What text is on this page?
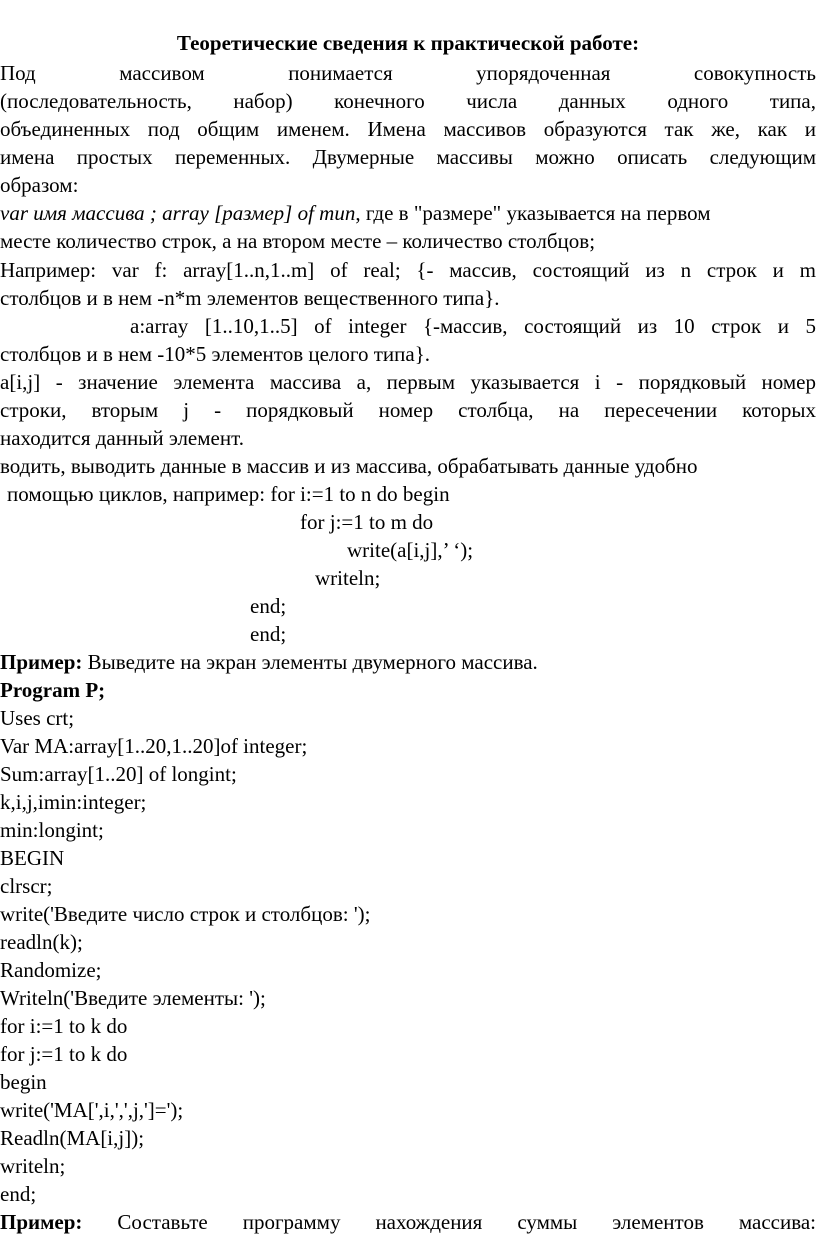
Теоретические сведения к практической работе:
Под массивом понимается упорядоченная совокупность
(последовательность, набор) конечного числа данных одного типа,
объединенных под общим именем. Имена массивов образуются так же, как и
имена простых переменных. Двумерные массивы можно описать следующим
образом:
var имя массива ; array [размер] of тип, где в "размере" указывается на первом
месте количество строк, а на втором месте – количество столбцов;
Например: var f: array[1..n,1..m] of real; {- массив, состоящий из n строк и m
столбцов и в нем -n*m элементов вещественного типа}.
a:array [1..10,1..5] of integer {-массив, состоящий из 10 строк и 5
столбцов и в нем -10*5 элементов целого типа}.
a[i,j] - значение элемента массива а, первым указывается i - порядковый номер
строки, вторым j - порядковый номер столбца, на пересечении которых
находится данный элемент.
водить, выводить данные в массив и из массива, обрабатывать данные удобно
помощью циклов, например: for i:=1 to n do begin
for j:=1 to m do
write(a[i,j],’ ‘);
writeln;
end;
end;
Пример: Выведите на экран элементы двумерного массива.
Program P;
Uses crt;
Var MA:array[1..20,1..20]of integer;
Sum:array[1..20] of longint;
k,i,j,imin:integer;
min:longint;
BEGIN
clrscr;
write('Введите число строк и столбцов: ');
readln(k);
Randomize;
Writeln('Введите элементы: ');
for i:=1 to k do
for j:=1 to k do
begin
write('MA[',i,',',j,']=');
Readln(MA[i,j]);
writeln;
end;
Пример: Составьте программу нахождения суммы элементов массива:
